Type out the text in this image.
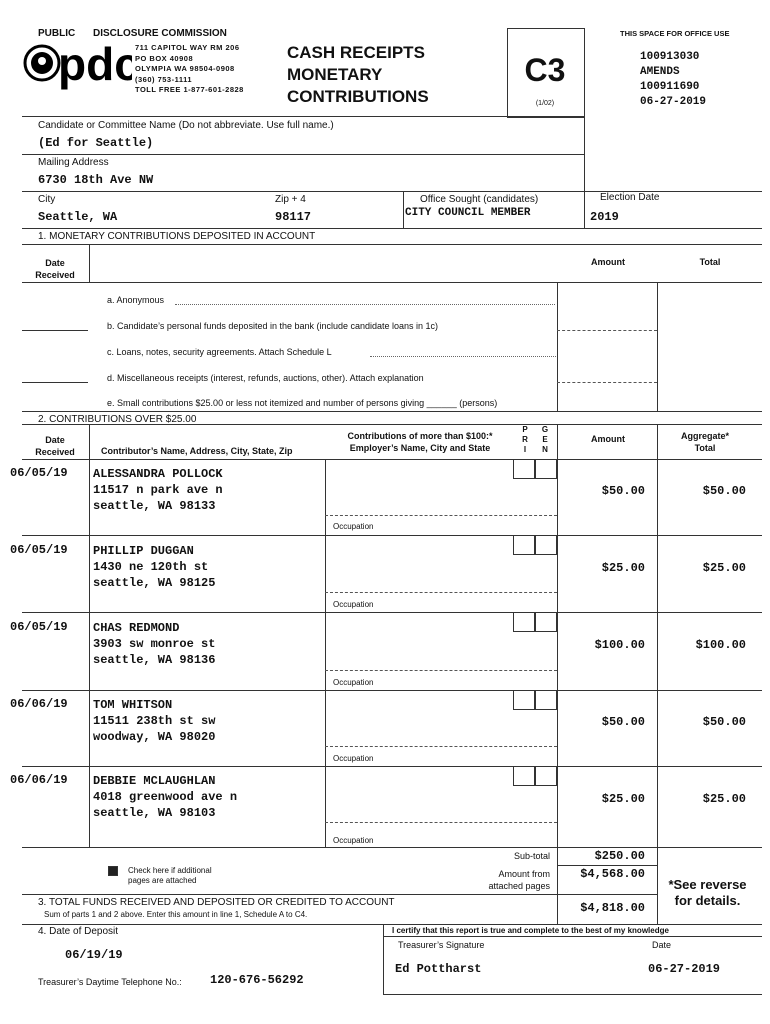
PUBLIC DISCLOSURE COMMISSION
pdc
711 CAPITOL WAY RM 206
PO BOX 40908
OLYMPIA WA 98504-0908
(360) 753-1111
TOLL FREE 1-877-601-2828
CASH RECEIPTS
MONETARY
CONTRIBUTIONS
C3
(1/02)
THIS SPACE FOR OFFICE USE
100913030
AMENDS
100911690
06-27-2019
Candidate or Committee Name (Do not abbreviate. Use full name.)
(Ed for Seattle)
Mailing Address
6730 18th Ave NW
City
Seattle, WA
Zip + 4
98117
Office Sought (candidates)
CITY COUNCIL MEMBER
Election Date
2019
1. MONETARY CONTRIBUTIONS DEPOSITED IN ACCOUNT
Date
Received
Amount	Total
a. Anonymous
b. Candidate’s personal funds deposited in the bank (include candidate loans in 1c)
c. Loans, notes, security agreements. Attach Schedule L
d. Miscellaneous receipts (interest, refunds, auctions, other). Attach explanation
e. Small contributions $25.00 or less not itemized and number of persons giving ______ (persons)
2. CONTRIBUTIONS OVER $25.00
Date
Received	Contributor’s Name, Address, City, State, Zip
Contributions of more than $100:*
Employer’s Name, City and State
P
R
I
G
E
N
Amount	Aggregate*
Total
06/05/19 ALESSANDRA POLLOCK
11517 n park ave n
seattle, WA 98133
$50.00	$50.00
Occupation
06/05/19 PHILLIP DUGGAN
1430 ne 120th st
seattle, WA 98125
$25.00	$25.00
Occupation
06/05/19 CHAS REDMOND
3903 sw monroe st
seattle, WA 98136
$100.00	$100.00
Occupation
06/06/19 TOM WHITSON
11511 238th st sw
woodway, WA 98020
$50.00	$50.00
Occupation
06/06/19 DEBBIE MCLAUGHLAN
4018 greenwood ave n
seattle, WA 98103
$25.00	$25.00
Occupation
Check here if additional
pages are attached
Sub-total	$250.00
Amount from
attached pages
$4,568.00
*See reverse
for details.
3. TOTAL FUNDS RECEIVED AND DEPOSITED OR CREDITED TO ACCOUNT
Sum of parts 1 and 2 above. Enter this amount in line 1, Schedule A to C4.	$4,818.00
4. Date of Deposit
06/19/19
Treasurer’s Daytime Telephone No.: 120-676-56292
I certify that this report is true and complete to the best of my knowledge
Treasurer’s Signature	Date
Ed Pottharst	06-27-2019
